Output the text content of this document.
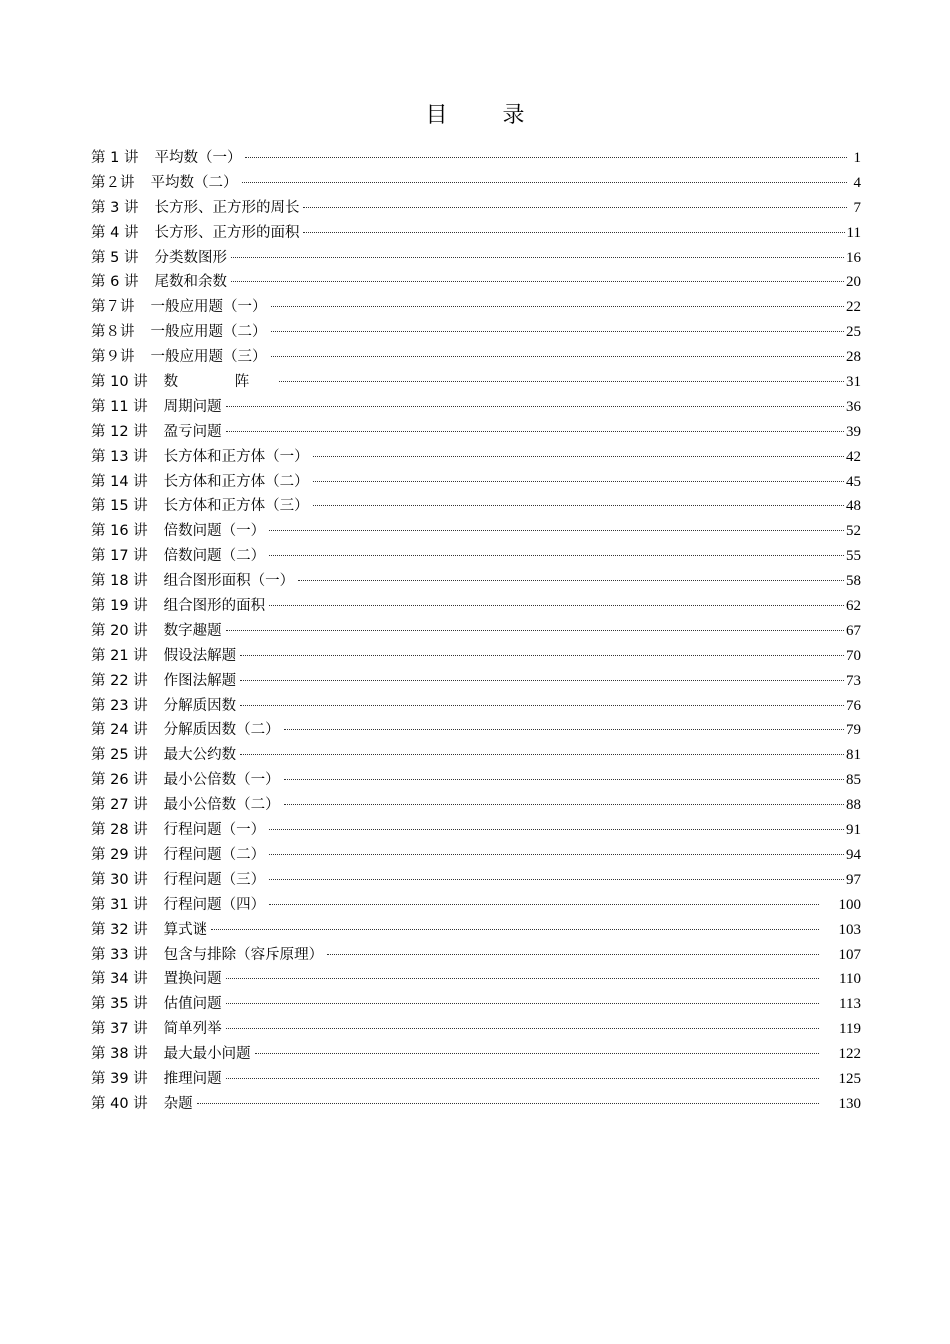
目 录
第 1 讲	平均数（一）	1
第２讲	平均数（二）	4
第 3 讲	长方形、正方形的周长	7
第 4 讲	长方形、正方形的面积	11
第 5 讲	分类数图形	16
第 6 讲	尾数和余数	20
第７讲	一般应用题（一）	22
第８讲	一般应用题（二）	25
第９讲	一般应用题（三）	28
第 10 讲	数 阵	31
第 11 讲	周期问题	36
第 12 讲	盈亏问题	39
第 13 讲	长方体和正方体（一）	42
第 14 讲	长方体和正方体（二）	45
第 15 讲	长方体和正方体（三）	48
第 16 讲	倍数问题（一）	52
第 17 讲	倍数问题（二）	55
第 18 讲	组合图形面积（一）	58
第 19 讲	组合图形的面积	62
第 20 讲	数字趣题	67
第 21 讲	假设法解题	70
第 22 讲	作图法解题	73
第 23 讲	分解质因数	76
第 24 讲	分解质因数（二）	79
第 25 讲	最大公约数	81
第 26 讲	最小公倍数（一）	85
第 27 讲	最小公倍数（二）	88
第 28 讲	行程问题（一）	91
第 29 讲	行程问题（二）	94
第 30 讲	行程问题（三）	97
第 31 讲	行程问题（四）	100
第 32 讲	算式谜	103
第 33 讲	包含与排除（容斥原理）	107
第 34 讲	置换问题	110
第 35 讲	估值问题	113
第 37 讲	简单列举	119
第 38 讲	最大最小问题	122
第 39 讲	推理问题	125
第 40 讲	杂题	130
